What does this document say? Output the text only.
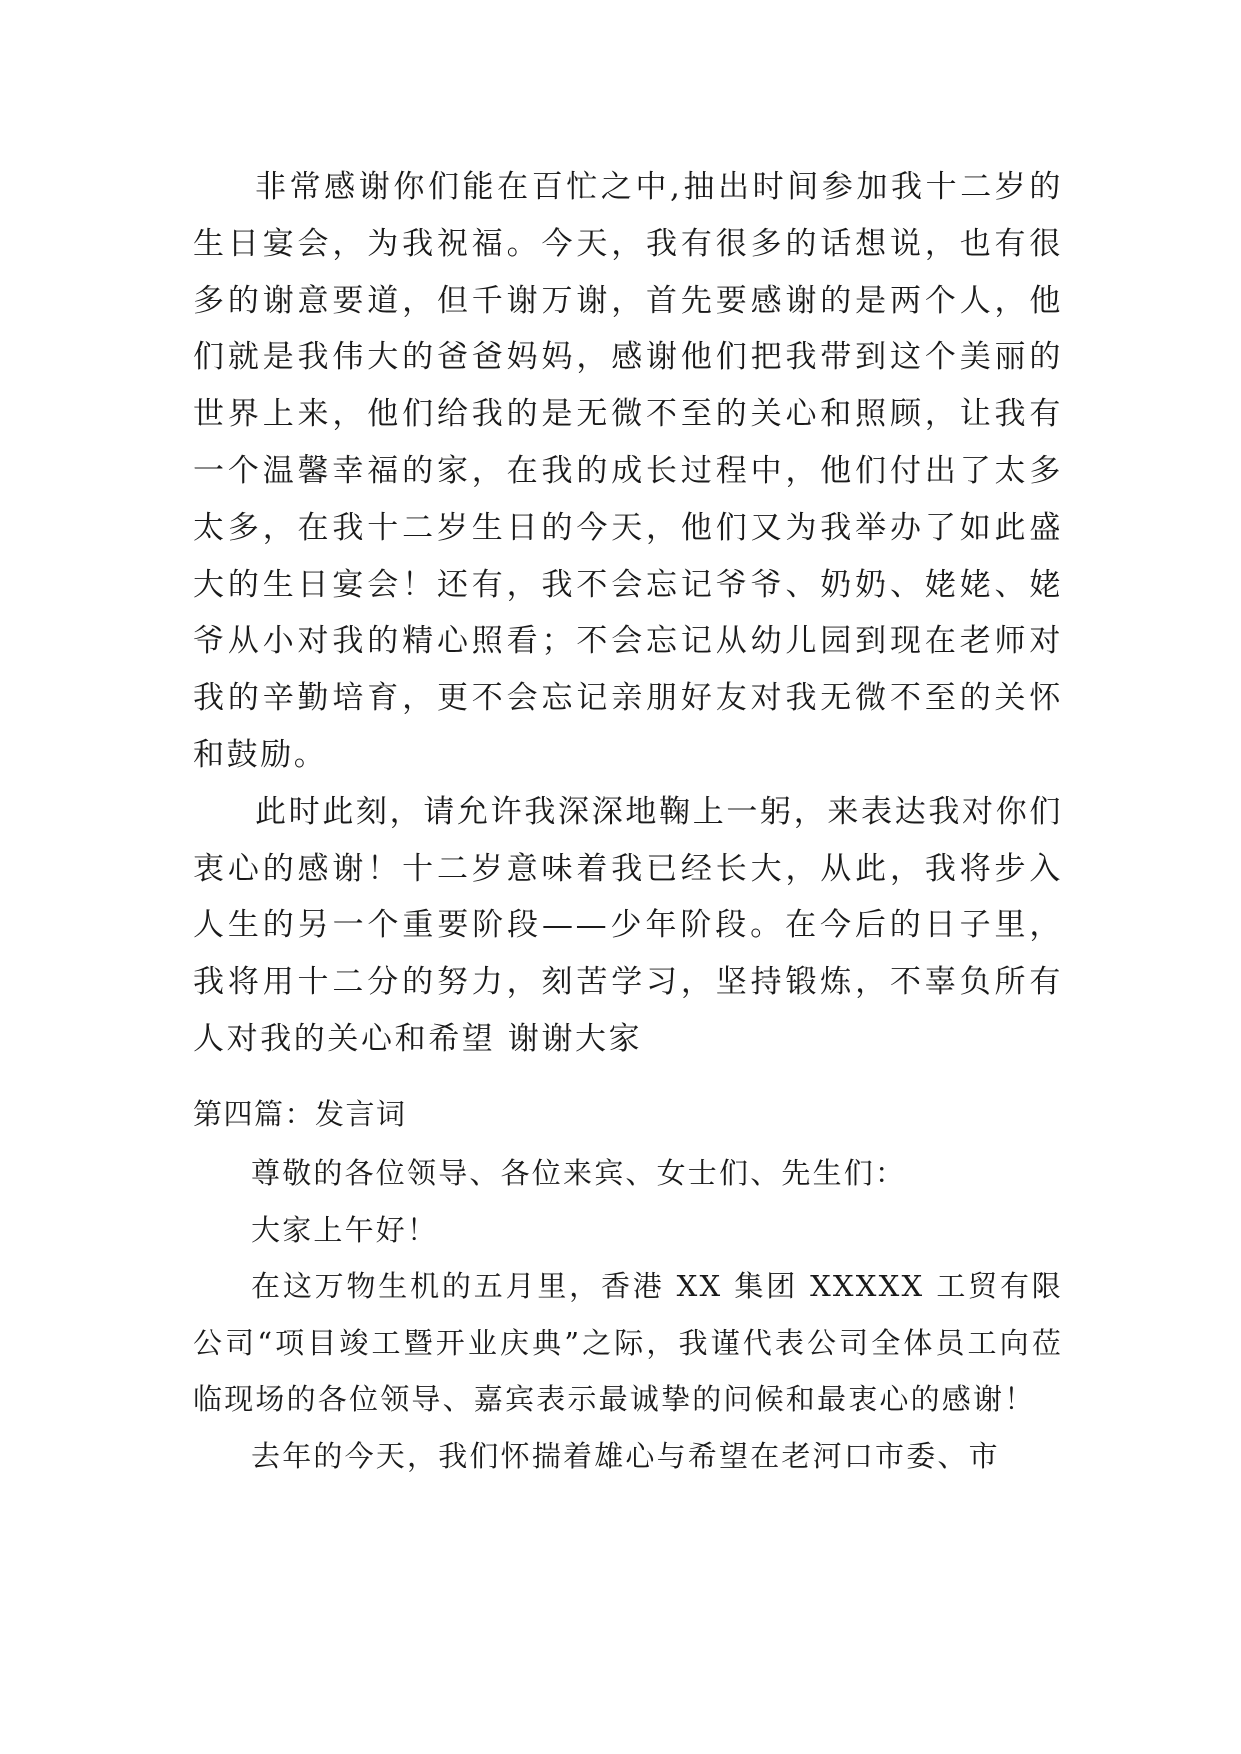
非常感谢你们能在百忙之中,抽出时间参加我十二岁的生日宴会，为我祝福。今天，我有很多的话想说，也有很多的谢意要道，但千谢万谢，首先要感谢的是两个人，他们就是我伟大的爸爸妈妈，感谢他们把我带到这个美丽的世界上来，他们给我的是无微不至的关心和照顾，让我有一个温馨幸福的家，在我的成长过程中，他们付出了太多太多，在我十二岁生日的今天，他们又为我举办了如此盛大的生日宴会！还有，我不会忘记爷爷、奶奶、姥姥、姥爷从小对我的精心照看；不会忘记从幼儿园到现在老师对我的辛勤培育，更不会忘记亲朋好友对我无微不至的关怀和鼓励。

此时此刻，请允许我深深地鞠上一躬，来表达我对你们衷心的感谢！十二岁意味着我已经长大，从此，我将步入人生的另一个重要阶段——少年阶段。在今后的日子里，我将用十二分的努力，刻苦学习，坚持锻炼，不辜负所有人对我的关心和希望 谢谢大家

第四篇：发言词

尊敬的各位领导、各位来宾、女士们、先生们：

大家上午好！

在这万物生机的五月里，香港 XX 集团 XXXXX 工贸有限公司“项目竣工暨开业庆典”之际，我谨代表公司全体员工向莅临现场的各位领导、嘉宾表示最诚挚的问候和最衷心的感谢！

去年的今天，我们怀揣着雄心与希望在老河口市委、市
